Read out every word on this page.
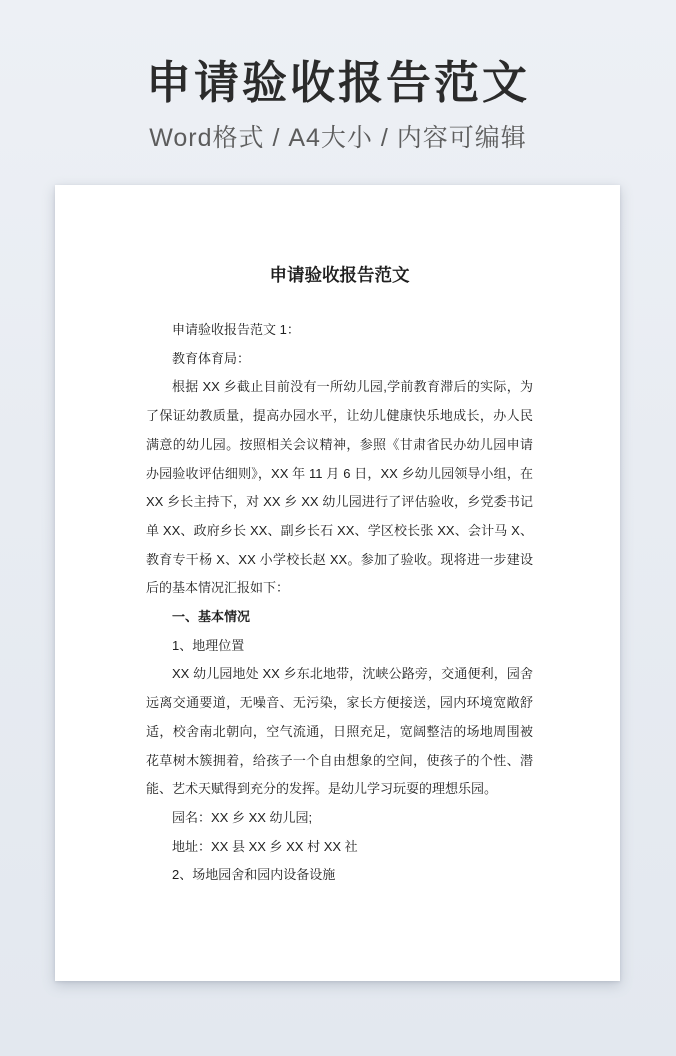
申请验收报告范文
Word格式 / A4大小 / 内容可编辑
申请验收报告范文

申请验收报告范文 1：

教育体育局：

根据 XX 乡截止目前没有一所幼儿园,学前教育滞后的实际，为了保证幼教质量，提高办园水平，让幼儿健康快乐地成长，办人民满意的幼儿园。按照相关会议精神，参照《甘肃省民办幼儿园申请办园验收评估细则》，XX 年 11 月 6 日，XX 乡幼儿园领导小组，在 XX 乡长主持下，对 XX 乡 XX 幼儿园进行了评估验收，乡党委书记单 XX、政府乡长 XX、副乡长石 XX、学区校长张 XX、会计马 X、教育专干杨 X、XX 小学校长赵 XX。参加了验收。现将进一步建设后的基本情况汇报如下：

一、基本情况

1、地理位置

XX 幼儿园地处 XX 乡东北地带，沈峡公路旁，交通便利，园舍远离交通要道，无噪音、无污染，家长方便接送，园内环境宽敞舒适，校舍南北朝向，空气流通，日照充足，宽阔整洁的场地周围被花草树木簇拥着，给孩子一个自由想象的空间，使孩子的个性、潜能、艺术天赋得到充分的发挥。是幼儿学习玩耍的理想乐园。

园名：XX 乡 XX 幼儿园;

地址：XX 县 XX 乡 XX 村 XX 社

2、场地园舍和园内设备设施
